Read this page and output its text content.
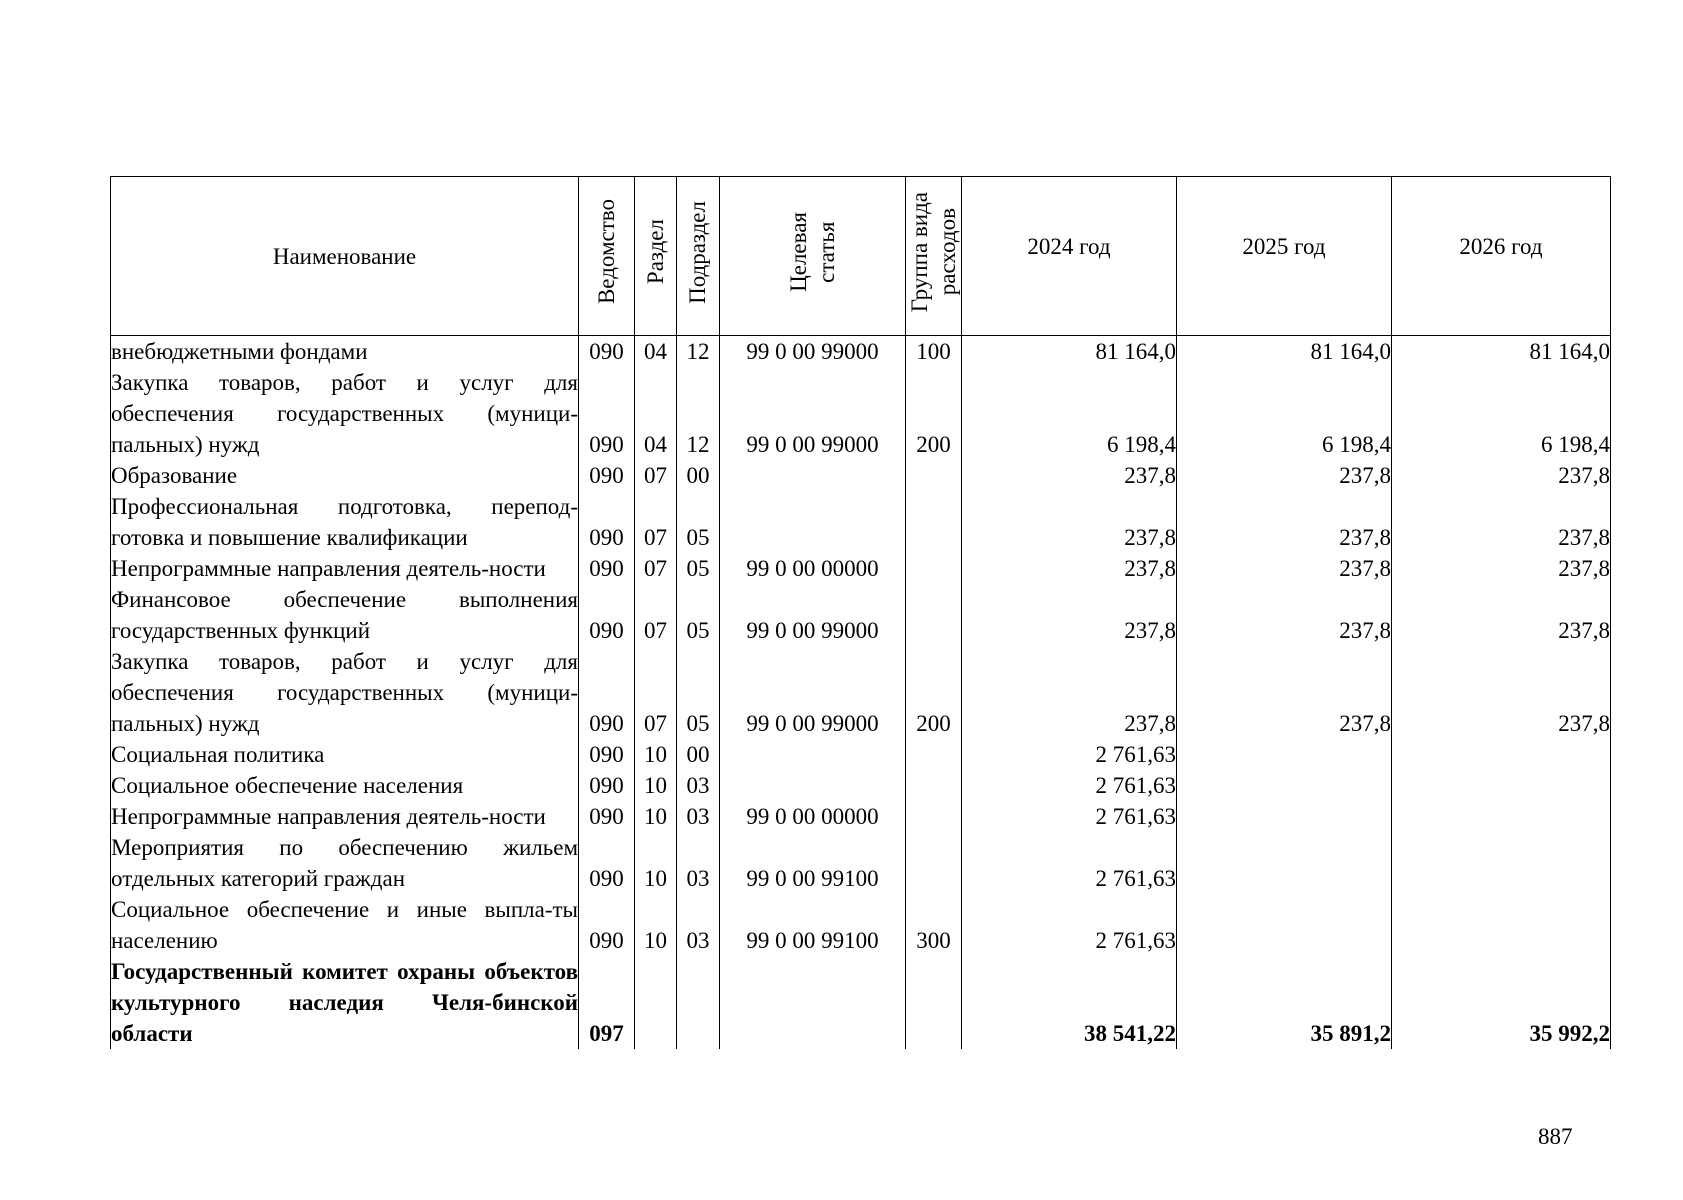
Наименование	Ведомство	Раздел	Подраздел	Целевая статья	Группа вида расходов	2024 год	2025 год	2026 год
внебюджетными фондами	090	04	12	99 0 00 99000	100	81 164,0	81 164,0	81 164,0
Закупка товаров, работ и услуг для обеспечения государственных (муници-пальных) нужд	090	04	12	99 0 00 99000	200	6 198,4	6 198,4	6 198,4
Образование	090	07	00			237,8	237,8	237,8
Профессиональная подготовка, перепод-готовка и повышение квалификации	090	07	05			237,8	237,8	237,8
Непрограммные направления деятель-ности	090	07	05	99 0 00 00000		237,8	237,8	237,8
Финансовое обеспечение выполнения государственных функций	090	07	05	99 0 00 99000		237,8	237,8	237,8
Закупка товаров, работ и услуг для обеспечения государственных (муници-пальных) нужд	090	07	05	99 0 00 99000	200	237,8	237,8	237,8
Социальная политика	090	10	00			2 761,63		
Социальное обеспечение населения	090	10	03			2 761,63		
Непрограммные направления деятель-ности	090	10	03	99 0 00 00000		2 761,63		
Мероприятия по обеспечению жильем отдельных категорий граждан	090	10	03	99 0 00 99100		2 761,63		
Социальное обеспечение и иные выпла-ты населению	090	10	03	99 0 00 99100	300	2 761,63		
Государственный комитет охраны объектов культурного наследия Челя-бинской области	097					38 541,22	35 891,2	35 992,2
887
